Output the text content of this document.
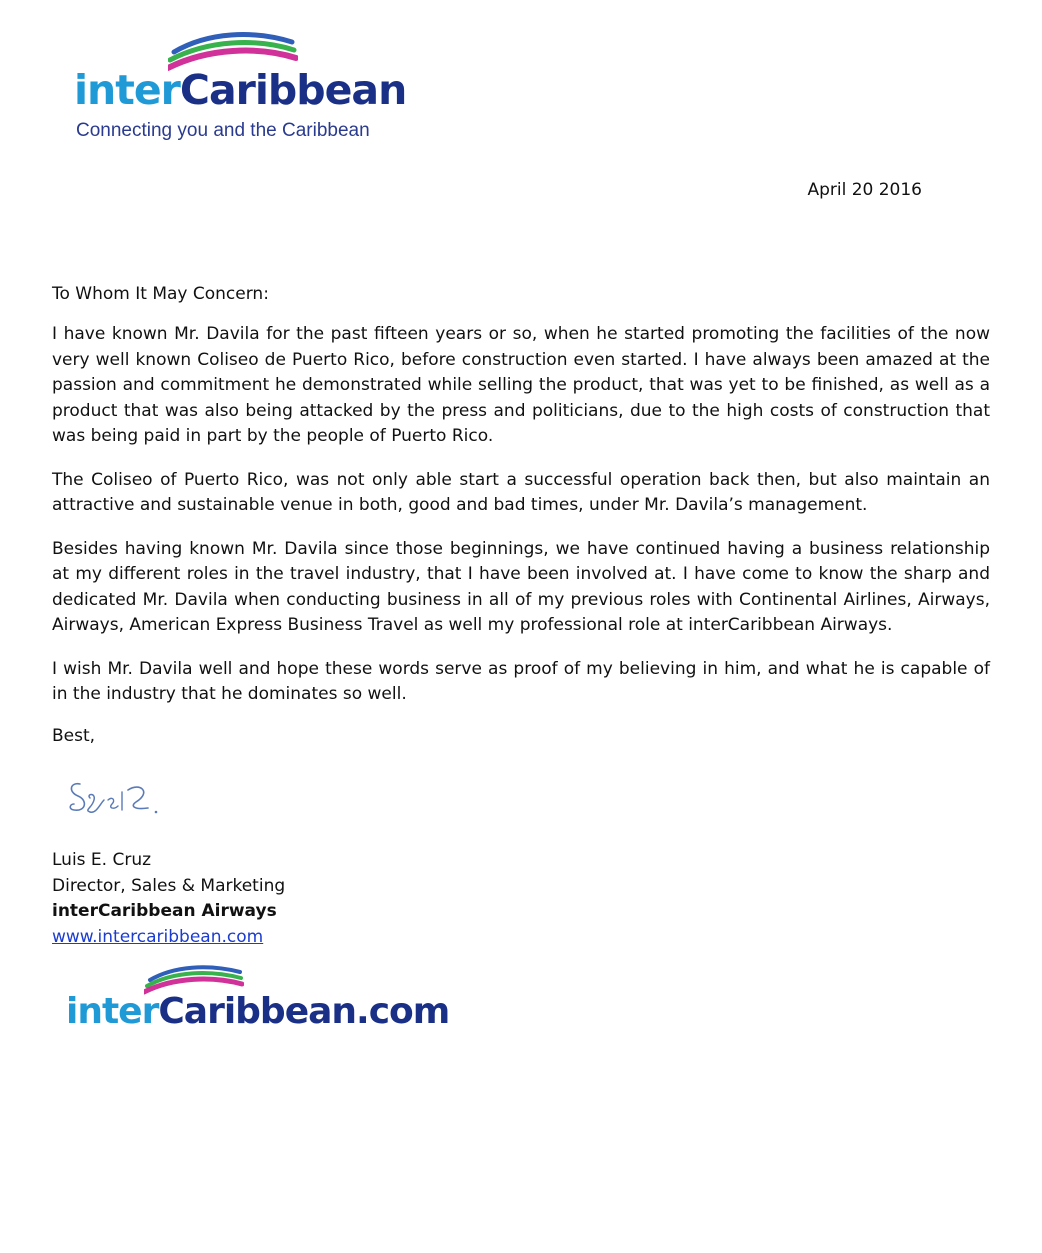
interCaribbean
Connecting you and the Caribbean
April 20 2016
To Whom It May Concern:

I have known Mr. Davila for the past fifteen years or so, when he started promoting the facilities of the now very well known Coliseo de Puerto Rico, before construction even started. I have always been amazed at the passion and commitment he demonstrated while selling the product, that was yet to be finished, as well as a product that was also being attacked by the press and politicians, due to the high costs of construction that was being paid in part by the people of Puerto Rico.

The Coliseo of Puerto Rico, was not only able start a successful operation back then, but also maintain an attractive and sustainable venue in both, good and bad times, under Mr. Davila’s management.

Besides having known Mr. Davila since those beginnings, we have continued having a business relationship at my different roles in the travel industry, that I have been involved at. I have come to know the sharp and dedicated Mr. Davila when conducting business in all of my previous roles with Continental Airlines, Airways, Airways, American Express Business Travel as well my professional role at interCaribbean Airways.

I wish Mr. Davila well and hope these words serve as proof of my believing in him, and what he is capable of in the industry that he dominates so well.

Best,
Luis E. Cruz
Director, Sales & Marketing
interCaribbean Airways
www.intercaribbean.com
interCaribbean.com
